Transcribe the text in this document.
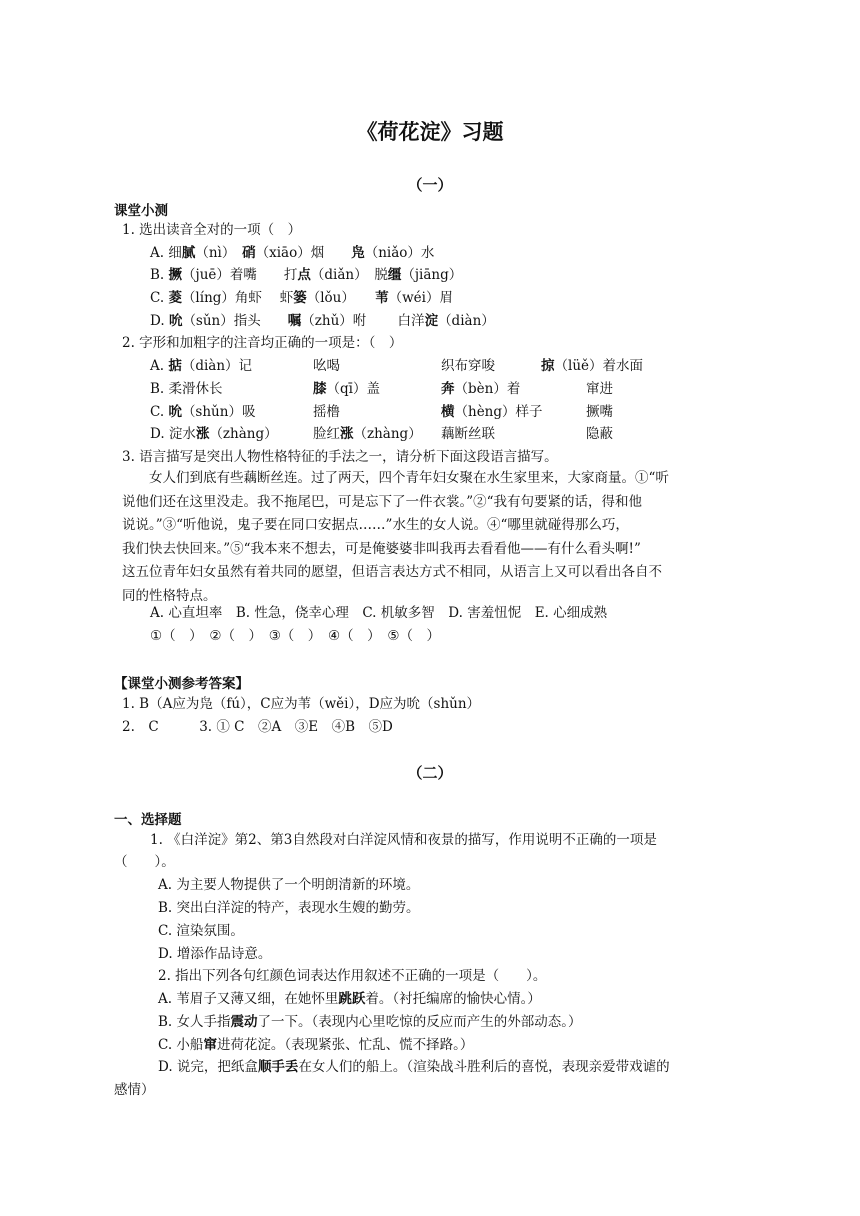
《荷花淀》习题
（一）
课堂小测
1. 选出读音全对的一项（　）
A. 细腻（nì）　硝（xiāo）烟　　凫（niǎo）水
B. 撅（juē）着嘴　　打点（diǎn）　脱缰（jiāng）
C. 菱（líng）角虾　 虾篓（lǒu）　　苇（wéi）眉
D. 吮（sǔn）指头　　嘱（zhǔ）咐　　 白洋淀（diàn）
2. 字形和加粗字的注音均正确的一项是：（　）
A. 掂（diàn）记	吆喝	织布穿唆	掠（lüě）着水面
B. 柔滑休长	膝（qī）盖	奔（bèn）着	窜进
C. 吮（shǔn）吸	摇橹	横（hèng）样子	撅嘴
D. 淀水涨（zhàng）	脸红涨（zhàng） 藕断丝联	隐蔽
3. 语言描写是突出人物性格特征的手法之一，请分析下面这段语言描写。
　　女人们到底有些藕断丝连。过了两天，四个青年妇女聚在水生家里来，大家商量。①“听
说他们还在这里没走。我不拖尾巴，可是忘下了一件衣裳。”②“我有句要紧的话，得和他
说说。”③“听他说，鬼子要在同口安据点……”水生的女人说。④“哪里就碰得那么巧，
我们快去快回来。”⑤“我本来不想去，可是俺婆婆非叫我再去看看他——有什么看头啊!”
这五位青年妇女虽然有着共同的愿望，但语言表达方式不相同，从语言上又可以看出各自不
同的性格特点。
A. 心直坦率　B. 性急，侥幸心理　C. 机敏多智　D. 害羞忸怩　E. 心细成熟
①（　）　②（　）　③（　）　④（　）　⑤（　）
【课堂小测参考答案】
1. B（A应为凫（fú），C应为苇（wěi），D应为吮（shǔn）
2.　C　　　3. ① C　②A　③E　④B　⑤D
（二）
一、选择题
1. 《白洋淀》第2、第3自然段对白洋淀风情和夜景的描写，作用说明不正确的一项是
（　　）。
A. 为主要人物提供了一个明朗清新的环境。
B. 突出白洋淀的特产，表现水生嫂的勤劳。
C. 渲染氛围。
D. 增添作品诗意。
2. 指出下列各句红颜色词表达作用叙述不正确的一项是（　　）。
A. 苇眉子又薄又细，在她怀里跳跃着。（衬托编席的愉快心情。）
B. 女人手指震动了一下。（表现内心里吃惊的反应而产生的外部动态。）
C. 小船窜进荷花淀。（表现紧张、忙乱、慌不择路。）
D. 说完，把纸盒顺手丢在女人们的船上。（渲染战斗胜利后的喜悦，表现亲爱带戏谑的
感情）
